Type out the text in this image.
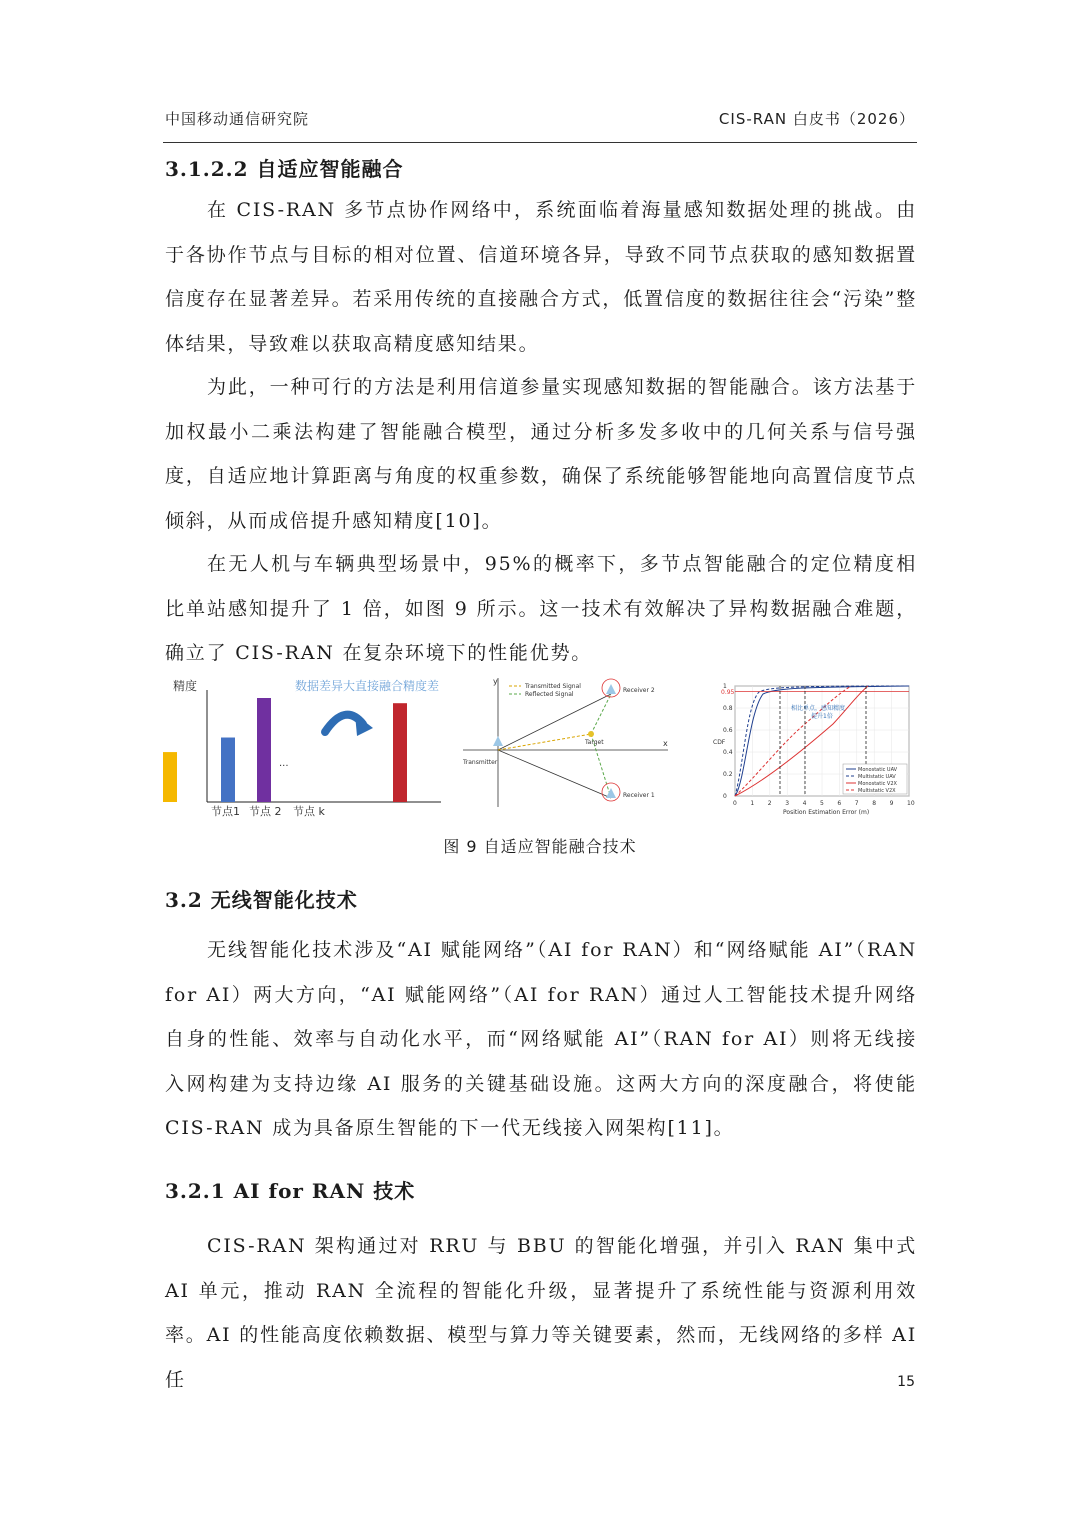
中国移动通信研究院	CIS-RAN 白皮书（2026）
3.1.2.2 自适应智能融合
在 CIS-RAN 多节点协作网络中，系统面临着海量感知数据处理的挑战。由于各协作节点与目标的相对位置、信道环境各异，导致不同节点获取的感知数据置信度存在显著差异。若采用传统的直接融合方式，低置信度的数据往往会“污染”整体结果，导致难以获取高精度感知结果。
为此，一种可行的方法是利用信道参量实现感知数据的智能融合。该方法基于加权最小二乘法构建了智能融合模型，通过分析多发多收中的几何关系与信号强度，自适应地计算距离与角度的权重参数，确保了系统能够智能地向高置信度节点倾斜，从而成倍提升感知精度[10]。
在无人机与车辆典型场景中，95%的概率下，多节点智能融合的定位精度相比单站感知提升了 1 倍，如图 9 所示。这一技术有效解决了异构数据融合难题，确立了 CIS-RAN 在复杂环境下的性能优势。
精度	数据差异大直接融合精度差
...
节点1 节点 2 节点 k
y
x
Transmitted Signal
Reflected Signal
Target
Transmitter
Receiver 2
Receiver 1
0 1 2 3 4 5 6 7 8 9 10
0
0.2
0.4
0.6
0.8
1
0.95
相比单点，感知精度
提升1倍
Monostatic UAV
Multistatic UAV
Monostatic V2X
Multistatic V2X
CDF
Position Estimation Error (m)
图 9 自适应智能融合技术
3.2 无线智能化技术
无线智能化技术涉及“AI 赋能网络”（AI for RAN）和“网络赋能 AI”（RAN for AI）两大方向，“AI 赋能网络”（AI for RAN）通过人工智能技术提升网络自身的性能、效率与自动化水平，而“网络赋能 AI”（RAN for AI）则将无线接入网构建为支持边缘 AI 服务的关键基础设施。这两大方向的深度融合，将使能 CIS-RAN 成为具备原生智能的下一代无线接入网架构[11]。
3.2.1 AI for RAN 技术
CIS-RAN 架构通过对 RRU 与 BBU 的智能化增强，并引入 RAN 集中式 AI 单元，推动 RAN 全流程的智能化升级，显著提升了系统性能与资源利用效率。AI 的性能高度依赖数据、模型与算力等关键要素，然而，无线网络的多样 AI 任	15
